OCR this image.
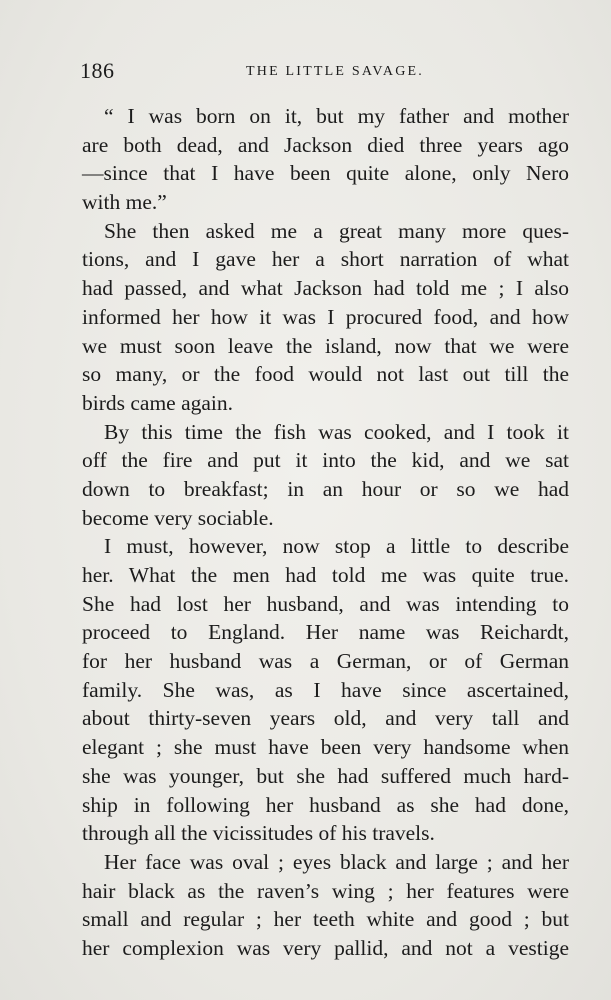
186	THE LITTLE SAVAGE.
“ I was born on it, but my father and mother
are both dead, and Jackson died three years ago
—since that I have been quite alone, only Nero
with me.”
She then asked me a great many more ques-
tions, and I gave her a short narration of what
had passed, and what Jackson had told me ; I also
informed her how it was I procured food, and how
we must soon leave the island, now that we were
so many, or the food would not last out till the
birds came again.
By this time the fish was cooked, and I took it
off the fire and put it into the kid, and we sat
down to breakfast; in an hour or so we had
become very sociable.
I must, however, now stop a little to describe
her. What the men had told me was quite true.
She had lost her husband, and was intending to
proceed to England. Her name was Reichardt,
for her husband was a German, or of German
family. She was, as I have since ascertained,
about thirty-seven years old, and very tall and
elegant ; she must have been very handsome when
she was younger, but she had suffered much hard-
ship in following her husband as she had done,
through all the vicissitudes of his travels.
Her face was oval ; eyes black and large ; and her
hair black as the raven’s wing ; her features were
small and regular ; her teeth white and good ; but
her complexion was very pallid, and not a vestige
